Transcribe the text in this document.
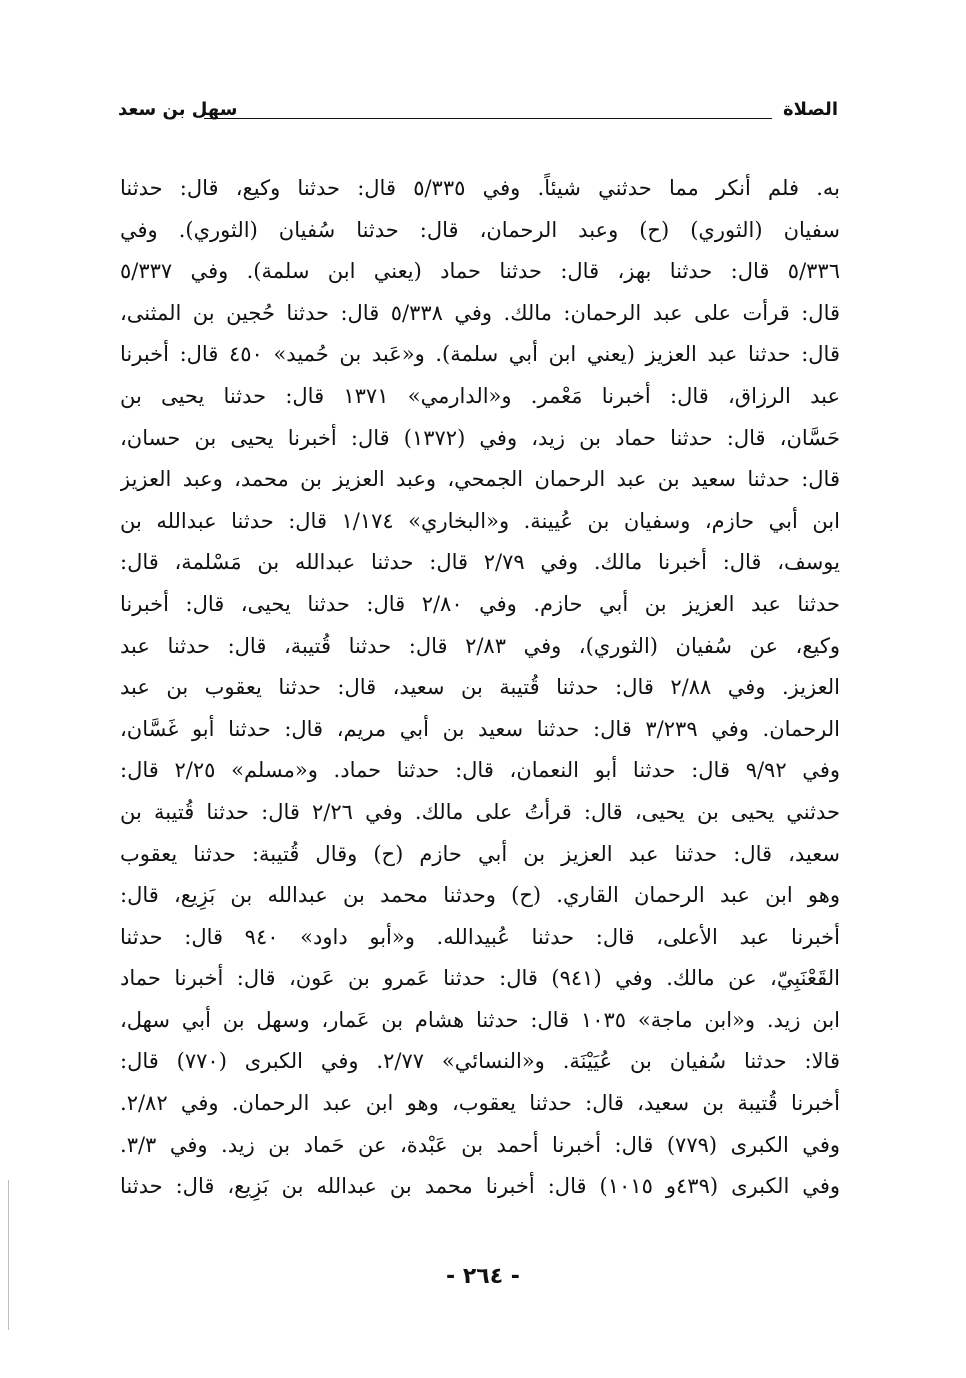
الصلاة
سهل بن سعد
به. فلم أنكر مما حدثني شيئاً. وفي ٥/٣٣٥ قال: حدثنا وكيع، قال: حدثنا
سفيان (الثوري) (ح) وعبد الرحمان، قال: حدثنا سُفيان (الثوري). وفي
٥/٣٣٦ قال: حدثنا بهز، قال: حدثنا حماد (يعني ابن سلمة). وفي ٥/٣٣٧
قال: قرأت على عبد الرحمان: مالك. وفي ٥/٣٣٨ قال: حدثنا حُجين بن المثنى،
قال: حدثنا عبد العزيز (يعني ابن أبي سلمة). و«عَبد بن حُميد» ٤٥٠ قال: أخبرنا
عبد الرزاق، قال: أخبرنا مَعْمر. و«الدارمي» ١٣٧١ قال: حدثنا يحيى بن
حَسَّان، قال: حدثنا حماد بن زيد، وفي (١٣٧٢) قال: أخبرنا يحيى بن حسان،
قال: حدثنا سعيد بن عبد الرحمان الجمحي، وعبد العزيز بن محمد، وعبد العزيز
ابن أبي حازم، وسفيان بن عُيينة. و«البخاري» ١/١٧٤ قال: حدثنا عبدالله بن
يوسف، قال: أخبرنا مالك. وفي ٢/٧٩ قال: حدثنا عبدالله بن مَسْلمة، قال:
حدثنا عبد العزيز بن أبي حازم. وفي ٢/٨٠ قال: حدثنا يحيى، قال: أخبرنا
وكيع، عن سُفيان (الثوري)، وفي ٢/٨٣ قال: حدثنا قُتيبة، قال: حدثنا عبد
العزيز. وفي ٢/٨٨ قال: حدثنا قُتيبة بن سعيد، قال: حدثنا يعقوب بن عبد
الرحمان. وفي ٣/٢٣٩ قال: حدثنا سعيد بن أبي مريم، قال: حدثنا أبو غَسَّان،
وفي ٩/٩٢ قال: حدثنا أبو النعمان، قال: حدثنا حماد. و«مسلم» ٢/٢٥ قال:
حدثني يحيى بن يحيى، قال: قرأتُ على مالك. وفي ٢/٢٦ قال: حدثنا قُتيبة بن
سعيد، قال: حدثنا عبد العزيز بن أبي حازم (ح) وقال قُتيبة: حدثنا يعقوب
وهو ابن عبد الرحمان القاري. (ح) وحدثنا محمد بن عبدالله بن بَزِيع، قال:
أخبرنا عبد الأعلى، قال: حدثنا عُبيدالله. و«أبو داود» ٩٤٠ قال: حدثنا
القَعْنَبِيّ، عن مالك. وفي (٩٤١) قال: حدثنا عَمرو بن عَون، قال: أخبرنا حماد
ابن زيد. و«ابن ماجة» ١٠٣٥ قال: حدثنا هشام بن عَمار، وسهل بن أبي سهل،
قالا: حدثنا سُفيان بن عُيَيْنَة. و«النسائي» ٢/٧٧. وفي الكبرى (٧٧٠) قال:
أخبرنا قُتيبة بن سعيد، قال: حدثنا يعقوب، وهو ابن عبد الرحمان. وفي ٢/٨٢.
وفي الكبرى (٧٧٩) قال: أخبرنا أحمد بن عَبْدة، عن حَماد بن زيد. وفي ٣/٣.
وفي الكبرى (٤٣٩و ١٠١٥) قال: أخبرنا محمد بن عبدالله بن بَزِيع، قال: حدثنا
- ٢٦٤ -
